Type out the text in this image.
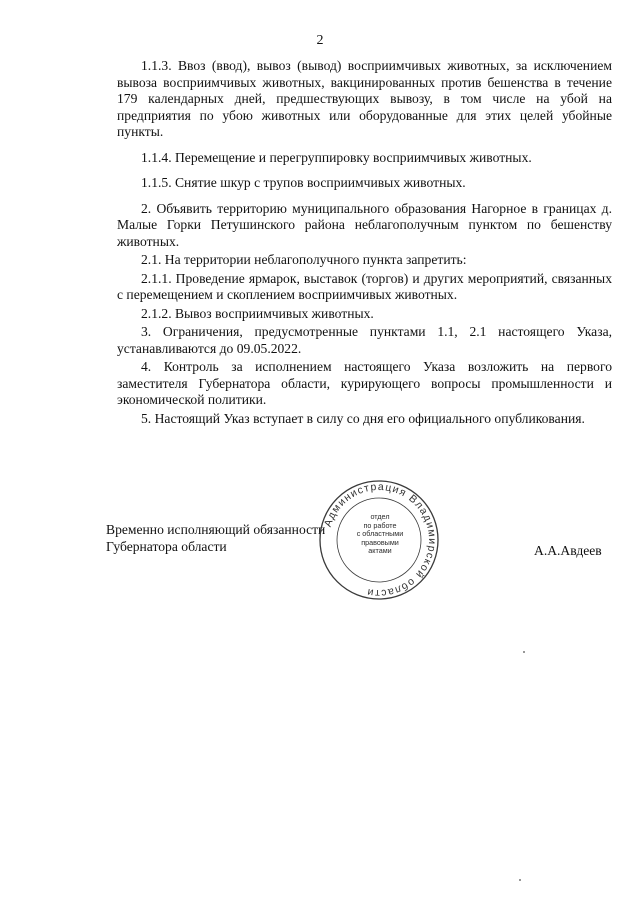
2

1.1.3. Ввоз (ввод), вывоз (вывод) восприимчивых животных, за исключением вывоза восприимчивых животных, вакцинированных против бешенства в течение 179 календарных дней, предшествующих вывозу, в том числе на убой на предприятия по убою животных или оборудованные для этих целей убойные пункты.

1.1.4. Перемещение и перегруппировку восприимчивых животных.

1.1.5. Снятие шкур с трупов восприимчивых животных.

2. Объявить территорию муниципального образования Нагорное в границах д. Малые Горки Петушинского района неблагополучным пунктом по бешенству животных.

2.1. На территории неблагополучного пункта запретить:

2.1.1. Проведение ярмарок, выставок (торгов) и других мероприятий, связанных с перемещением и скоплением восприимчивых животных.

2.1.2. Вывоз восприимчивых животных.

3. Ограничения, предусмотренные пунктами 1.1, 2.1 настоящего Указа, устанавливаются до 09.05.2022.

4. Контроль за исполнением настоящего Указа возложить на первого заместителя Губернатора области, курирующего вопросы промышленности и экономической политики.

5. Настоящий Указ вступает в силу со дня его официального опубликования.

Временно исполняющий обязанности
Губернатора области	А.А.Авдеев
Администрация Владимирской области
отдел
по работе
с областными
правовыми
актами
